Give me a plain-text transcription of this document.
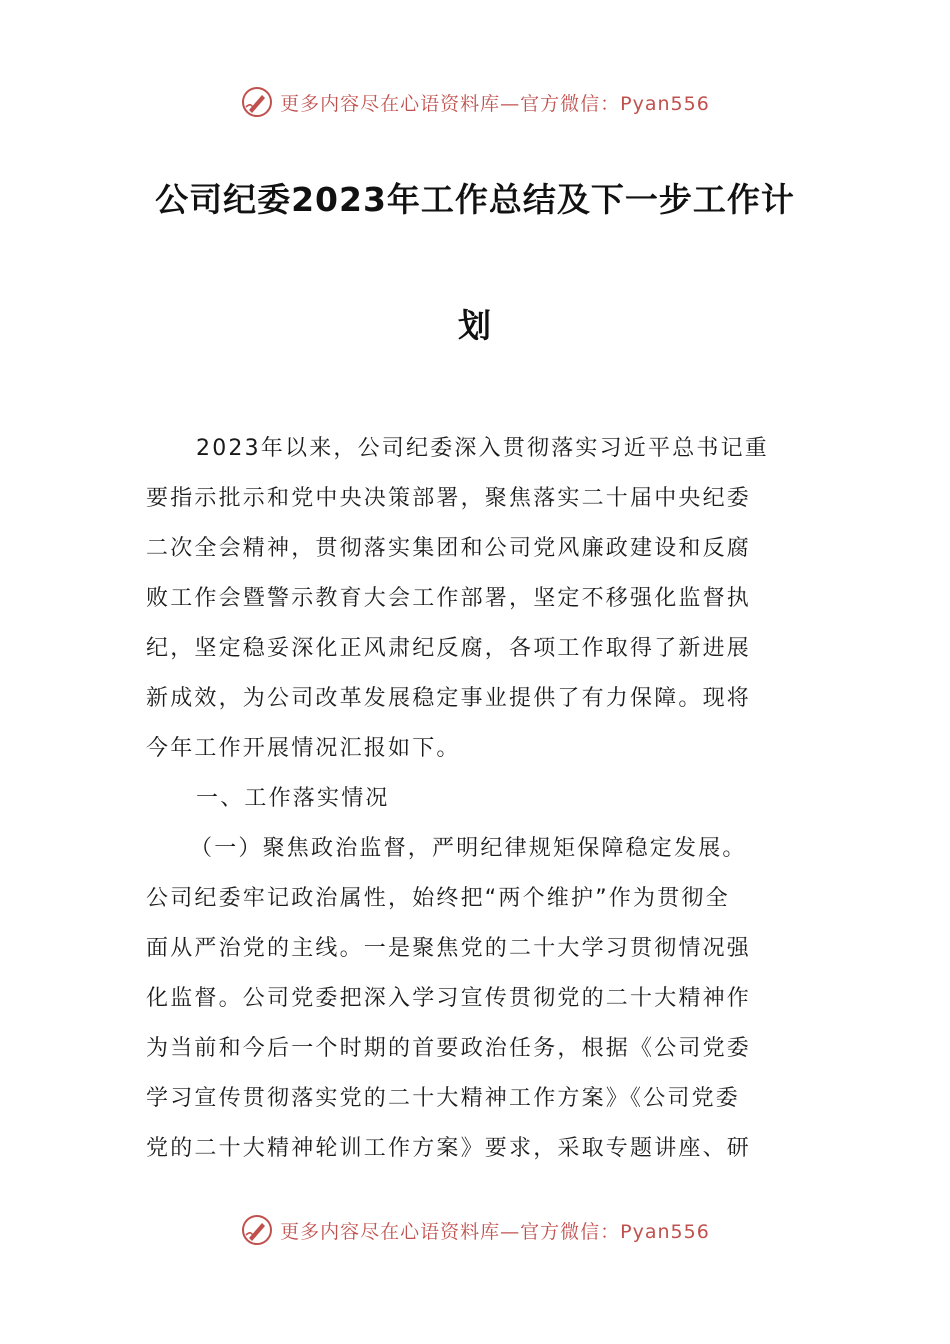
更多内容尽在心语资料库—官方微信：Pyan556
公司纪委2023年工作总结及下一步工作计
划
2023年以来，公司纪委深入贯彻落实习近平总书记重
要指示批示和党中央决策部署，聚焦落实二十届中央纪委
二次全会精神，贯彻落实集团和公司党风廉政建设和反腐
败工作会暨警示教育大会工作部署，坚定不移强化监督执
纪，坚定稳妥深化正风肃纪反腐，各项工作取得了新进展
新成效，为公司改革发展稳定事业提供了有力保障。现将
今年工作开展情况汇报如下。
一、工作落实情况
（一）聚焦政治监督，严明纪律规矩保障稳定发展。
公司纪委牢记政治属性，始终把“两个维护”作为贯彻全
面从严治党的主线。一是聚焦党的二十大学习贯彻情况强
化监督。公司党委把深入学习宣传贯彻党的二十大精神作
为当前和今后一个时期的首要政治任务，根据《公司党委
学习宣传贯彻落实党的二十大精神工作方案》《公司党委
党的二十大精神轮训工作方案》要求，采取专题讲座、研
更多内容尽在心语资料库—官方微信：Pyan556
